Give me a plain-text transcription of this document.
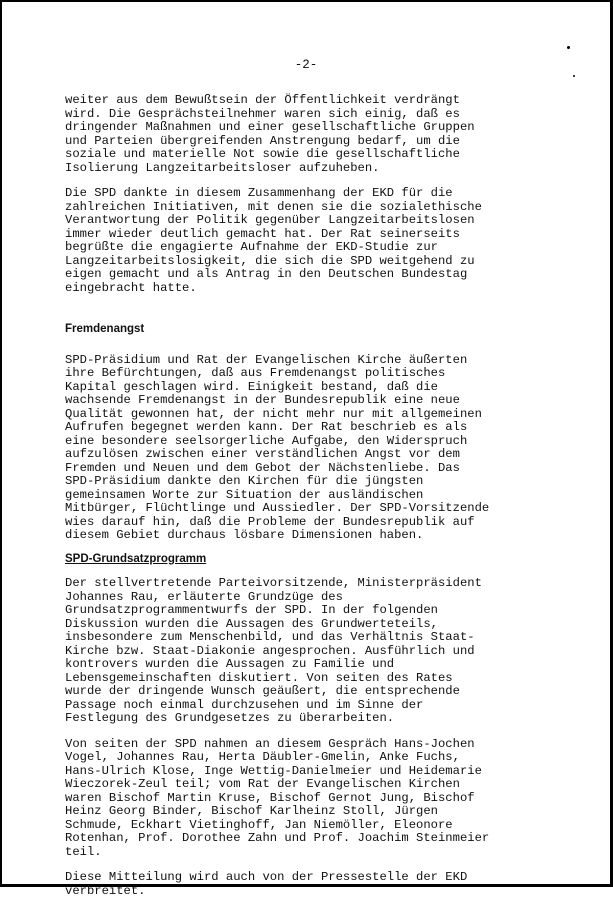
-2-

weiter aus dem Bewußtsein der Öffentlichkeit verdrängt
wird. Die Gesprächsteilnehmer waren sich einig, daß es
dringender Maßnahmen und einer gesellschaftliche Gruppen
und Parteien übergreifenden Anstrengung bedarf, um die
soziale und materielle Not sowie die gesellschaftliche
Isolierung Langzeitarbeitsloser aufzuheben.

Die SPD dankte in diesem Zusammenhang der EKD für die
zahlreichen Initiativen, mit denen sie die sozialethische
Verantwortung der Politik gegenüber Langzeitarbeitslosen
immer wieder deutlich gemacht hat. Der Rat seinerseits
begrüßte die engagierte Aufnahme der EKD-Studie zur
Langzeitarbeitslosigkeit, die sich die SPD weitgehend zu
eigen gemacht und als Antrag in den Deutschen Bundestag
eingebracht hatte.

Fremdenangst

SPD-Präsidium und Rat der Evangelischen Kirche äußerten
ihre Befürchtungen, daß aus Fremdenangst politisches
Kapital geschlagen wird. Einigkeit bestand, daß die
wachsende Fremdenangst in der Bundesrepublik eine neue
Qualität gewonnen hat, der nicht mehr nur mit allgemeinen
Aufrufen begegnet werden kann. Der Rat beschrieb es als
eine besondere seelsorgerliche Aufgabe, den Widerspruch
aufzulösen zwischen einer verständlichen Angst vor dem
Fremden und Neuen und dem Gebot der Nächstenliebe. Das
SPD-Präsidium dankte den Kirchen für die jüngsten
gemeinsamen Worte zur Situation der ausländischen
Mitbürger, Flüchtlinge und Aussiedler. Der SPD-Vorsitzende
wies darauf hin, daß die Probleme der Bundesrepublik auf
diesem Gebiet durchaus lösbare Dimensionen haben.

SPD-Grundsatzprogramm

Der stellvertretende Parteivorsitzende, Ministerpräsident
Johannes Rau, erläuterte Grundzüge des
Grundsatzprogrammentwurfs der SPD. In der folgenden
Diskussion wurden die Aussagen des Grundwerteteils,
insbesondere zum Menschenbild, und das Verhältnis Staat-
Kirche bzw. Staat-Diakonie angesprochen. Ausführlich und
kontrovers wurden die Aussagen zu Familie und
Lebensgemeinschaften diskutiert. Von seiten des Rates
wurde der dringende Wunsch geäußert, die entsprechende
Passage noch einmal durchzusehen und im Sinne der
Festlegung des Grundgesetzes zu überarbeiten.

Von seiten der SPD nahmen an diesem Gespräch Hans-Jochen
Vogel, Johannes Rau, Herta Däubler-Gmelin, Anke Fuchs,
Hans-Ulrich Klose, Inge Wettig-Danielmeier und Heidemarie
Wieczorek-Zeul teil; vom Rat der Evangelischen Kirchen
waren Bischof Martin Kruse, Bischof Gernot Jung, Bischof
Heinz Georg Binder, Bischof Karlheinz Stoll, Jürgen
Schmude, Eckhart Vietinghoff, Jan Niemöller, Eleonore
Rotenhan, Prof. Dorothee Zahn und Prof. Joachim Steinmeier
teil.

Diese Mitteilung wird auch von der Pressestelle der EKD
verbreitet.
